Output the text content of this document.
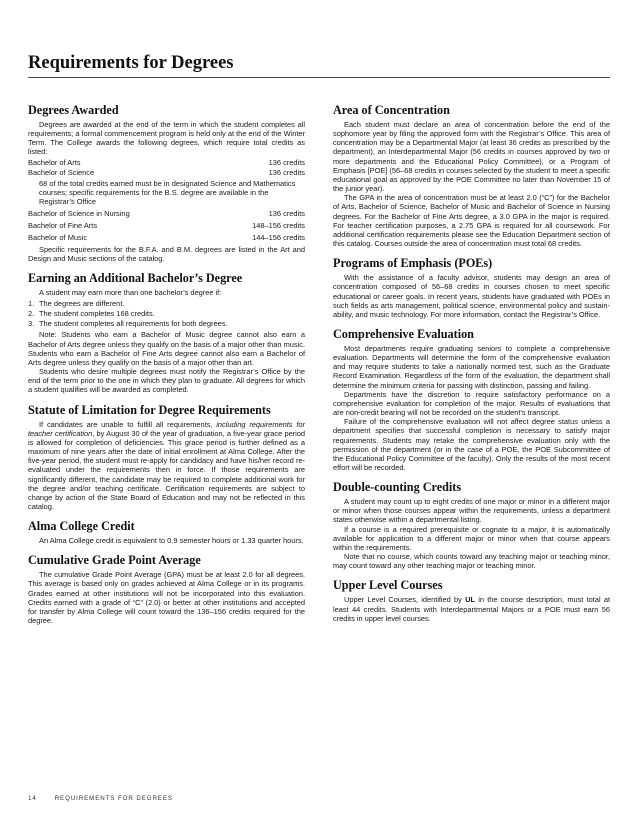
Requirements for Degrees
Degrees Awarded

Degrees are awarded at the end of the term in which the student completes all requirements; a formal commencement program is held only at the end of the Winter Term. The College awards the following degrees, which require total credits as listed:

Bachelor of Arts	136 credits
Bachelor of Science	136 credits
68 of the total credits earned must be in designated Science and Mathematics courses; specific requirements for the B.S. degree are available in the Registrar’s Office
Bachelor of Science in Nursing	136 credits
Bachelor of Fine Arts	148–156 credits
Bachelor of Music	144–156 credits

Specific requirements for the B.F.A. and B.M. degrees are listed in the Art and Design and Music sections of the catalog.

Earning an Additional Bachelor’s Degree

A student may earn more than one bachelor’s degree if:

1. The degrees are different.
2. The student completes 168 credits.
3. The student completes all requirements for both degrees.

Note: Students who earn a Bachelor of Music degree cannot also earn a Bachelor of Arts degree unless they qualify on the basis of a major other than music. Students who earn a Bachelor of Fine Arts degree cannot also earn a Bachelor of Arts degree unless they qualify on the basis of a major other than art.

Students who desire multiple degrees must notify the Registrar’s Office by the end of the term prior to the one in which they plan to graduate. All degrees for which a student qualifies will be awarded as completed.

Statute of Limitation for Degree Requirements

If candidates are unable to fulfill all requirements, including requirements for teacher certification, by August 30 of the year of graduation, a five-year grace period is allowed for completion of deficiencies. This grace period is further defined as a maximum of nine years after the date of initial enrollment at Alma College. After the five-year period, the student must re-apply for candidacy and have his/her record re-evaluated under the requirements then in force. If those requirements are significantly different, the candidate may be required to complete additional work for the degree and/or teaching certificate. Certification requirements are subject to change by action of the State Board of Education and may not be reflected in this catalog.

Alma College Credit

An Alma College credit is equivalent to 0.9 semester hours or 1.33 quarter hours.

Cumulative Grade Point Average

The cumulative Grade Point Average (GPA) must be at least 2.0 for all degrees. This average is based only on grades achieved at Alma College or in its programs. Grades earned at other institutions will not be incorporated into this evaluation. Credits earned with a grade of “C” (2.0) or better at other institutions and accepted for transfer by Alma College will count toward the 136–156 credits required for the degree.

Area of Concentration

Each student must declare an area of concentration before the end of the sophomore year by filing the approved form with the Registrar’s Office. This area of concentration may be a Departmental Major (at least 36 credits as prescribed by the department), an Interdepartmental Major (56 credits in courses approved by two or more departments and the Educational Policy Committee), or a Program of Emphasis [POE] (56–68 credits in courses selected by the student to meet a specific educational goal as approved by the POE Committee no later than November 15 of the junior year).

The GPA in the area of concentration must be at least 2.0 (“C”) for the Bachelor of Arts, Bachelor of Science, Bachelor of Music and Bachelor of Science in Nursing degrees. For the Bachelor of Fine Arts degree, a 3.0 GPA in the major is required. For teacher certification purposes, a 2.75 GPA is required for all coursework. For additional certification requirements please see the Education Department section of this catalog. Courses outside the area of concentration must total 68 credits.

Programs of Emphasis (POEs)

With the assistance of a faculty advisor, students may design an area of concentration composed of 56–68 credits in courses chosen to meet specific educational or career goals. In recent years, students have graduated with POEs in such fields as arts management, political science, environmental policy and sustainability, and music technology. For more information, contact the Registrar’s Office.

Comprehensive Evaluation

Most departments require graduating seniors to complete a comprehensive evaluation. Departments will determine the form of the comprehensive evaluation and may require students to take a nationally normed test, such as the Graduate Record Examination. Regardless of the form of the evaluation, the department shall determine the minimum criteria for passing with distinction, passing and failing.

Departments have the discretion to require satisfactory performance on a comprehensive evaluation for completion of the major. Results of evaluations that are non-credit bearing will not be recorded on the student’s transcript.

Failure of the comprehensive evaluation will not affect degree status unless a department specifies that successful completion is necessary to satisfy major requirements. Students may retake the comprehensive evaluation only with the permission of the department (or in the case of a POE, the POE Subcommittee of the Educational Policy Committee of the faculty). Only the results of the most recent effort will be recorded.

Double-counting Credits

A student may count up to eight credits of one major or minor in a different major or minor when those courses appear within the requirements, unless a department states otherwise within a departmental listing.

If a course is a required prerequisite or cognate to a major, it is automatically available for application to a different major or minor when that course appears within the requirements.

Note that no course, which counts toward any teaching major or teaching minor, may count toward any other teaching major or teaching minor.

Upper Level Courses

Upper Level Courses, identified by UL in the course description, must total at least 44 credits. Students with Interdepartmental Majors or a POE must earn 56 credits in upper level courses.

14	REQUIREMENTS FOR DEGREES
